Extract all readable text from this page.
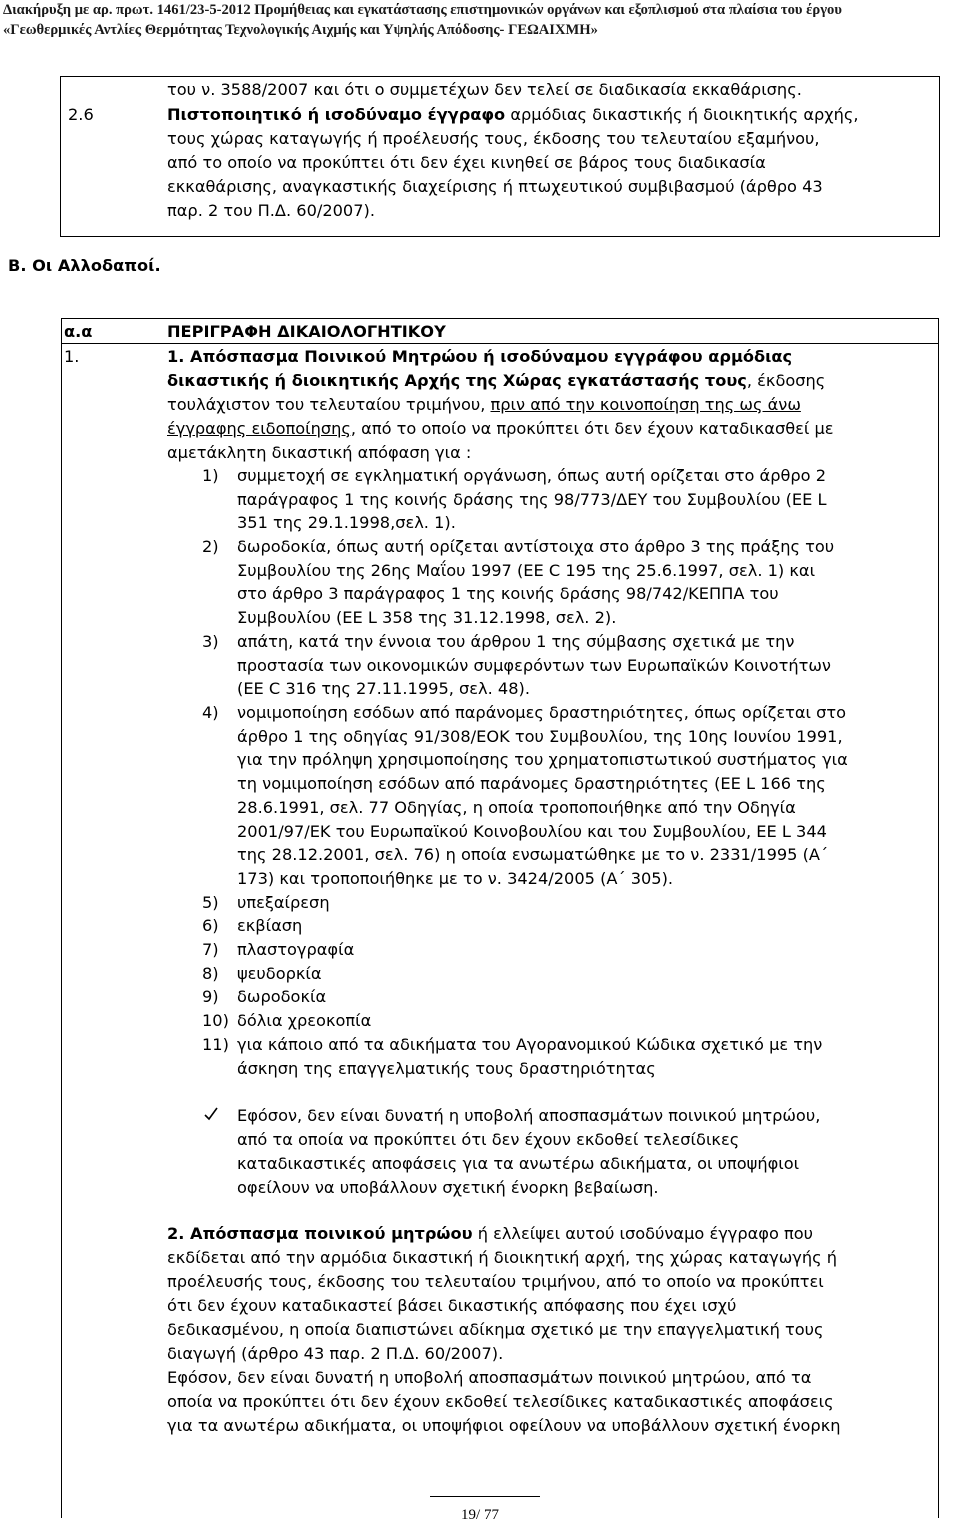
Διακήρυξη με αρ. πρωτ. 1461/23-5-2012 Προμήθειας και εγκατάστασης επιστημονικών οργάνων και εξοπλισμού στα πλαίσια του έργου
«Γεωθερμικές Αντλίες Θερμότητας Τεχνολογικής Αιχμής και Υψηλής Απόδοσης- ΓΕΩΑΙΧΜΗ»
του ν. 3588/2007 και ότι ο συμμετέχων δεν τελεί σε διαδικασία εκκαθάρισης.
2.6	Πιστοποιητικό ή ισοδύναμο έγγραφο αρμόδιας δικαστικής ή διοικητικής αρχής,
τους χώρας καταγωγής ή προέλευσής τους, έκδοσης του τελευταίου εξαμήνου,
από το οποίο να προκύπτει ότι δεν έχει κινηθεί σε βάρος τους διαδικασία
εκκαθάρισης, αναγκαστικής διαχείρισης ή πτωχευτικού συμβιβασμού (άρθρο 43
παρ. 2 του Π.Δ. 60/2007).
Β. Οι Αλλοδαποί.
α.α	ΠΕΡΙΓΡΑΦΗ ΔΙΚΑΙΟΛΟΓΗΤΙΚΟΥ
1.	1. Απόσπασμα Ποινικού Μητρώου ή ισοδύναμου εγγράφου αρμόδιας
δικαστικής ή διοικητικής Αρχής της Χώρας εγκατάστασής τους, έκδοσης
τουλάχιστον του τελευταίου τριμήνου, πριν από την κοινοποίηση της ως άνω
έγγραφης ειδοποίησης, από το οποίο να προκύπτει ότι δεν έχουν καταδικασθεί με
αμετάκλητη δικαστική απόφαση για :
1) συμμετοχή σε εγκληματική οργάνωση, όπως αυτή ορίζεται στο άρθρο 2
παράγραφος 1 της κοινής δράσης της 98/773/ΔΕΥ του Συμβουλίου (ΕΕ L
351 της 29.1.1998,σελ. 1).
2) δωροδοκία, όπως αυτή ορίζεται αντίστοιχα στο άρθρο 3 της πράξης του
Συμβουλίου της 26ης Μαΐου 1997 (ΕΕ C 195 της 25.6.1997, σελ. 1) και
στο άρθρο 3 παράγραφος 1 της κοινής δράσης 98/742/ΚΕΠΠΑ του
Συμβουλίου (ΕΕ L 358 της 31.12.1998, σελ. 2).
3) απάτη, κατά την έννοια του άρθρου 1 της σύμβασης σχετικά με την
προστασία των οικονομικών συμφερόντων των Ευρωπαϊκών Κοινοτήτων
(ΕΕ C 316 της 27.11.1995, σελ. 48).
4) νομιμοποίηση εσόδων από παράνομες δραστηριότητες, όπως ορίζεται στο
άρθρο 1 της οδηγίας 91/308/ΕΟΚ του Συμβουλίου, της 10ης Ιουνίου 1991,
για την πρόληψη χρησιμοποίησης του χρηματοπιστωτικού συστήματος για
τη νομιμοποίηση εσόδων από παράνομες δραστηριότητες (ΕΕ L 166 της
28.6.1991, σελ. 77 Οδηγίας, η οποία τροποποιήθηκε από την Οδηγία
2001/97/ΕΚ του Ευρωπαϊκού Κοινοβουλίου και του Συμβουλίου, ΕΕ L 344
της 28.12.2001, σελ. 76) η οποία ενσωματώθηκε με το ν. 2331/1995 (Α΄
173) και τροποποιήθηκε με το ν. 3424/2005 (Α΄ 305).
5) υπεξαίρεση
6) εκβίαση
7) πλαστογραφία
8) ψευδορκία
9) δωροδοκία
10) δόλια χρεοκοπία
11) για κάποιο από τα αδικήματα του Αγορανομικού Κώδικα σχετικό με την
άσκηση της επαγγελματικής τους δραστηριότητας
Εφόσον, δεν είναι δυνατή η υποβολή αποσπασμάτων ποινικού μητρώου,
από τα οποία να προκύπτει ότι δεν έχουν εκδοθεί τελεσίδικες
καταδικαστικές αποφάσεις για τα ανωτέρω αδικήματα, οι υποψήφιοι
οφείλουν να υποβάλλουν σχετική ένορκη βεβαίωση.
2. Απόσπασμα ποινικού μητρώου ή ελλείψει αυτού ισοδύναμο έγγραφο που
εκδίδεται από την αρμόδια δικαστική ή διοικητική αρχή, της χώρας καταγωγής ή
προέλευσής τους, έκδοσης του τελευταίου τριμήνου, από το οποίο να προκύπτει
ότι δεν έχουν καταδικαστεί βάσει δικαστικής απόφασης που έχει ισχύ
δεδικασμένου, η οποία διαπιστώνει αδίκημα σχετικό με την επαγγελματική τους
διαγωγή (άρθρο 43 παρ. 2 Π.Δ. 60/2007).
Εφόσον, δεν είναι δυνατή η υποβολή αποσπασμάτων ποινικού μητρώου, από τα
οποία να προκύπτει ότι δεν έχουν εκδοθεί τελεσίδικες καταδικαστικές αποφάσεις
για τα ανωτέρω αδικήματα, οι υποψήφιοι οφείλουν να υποβάλλουν σχετική ένορκη
19/ 77
